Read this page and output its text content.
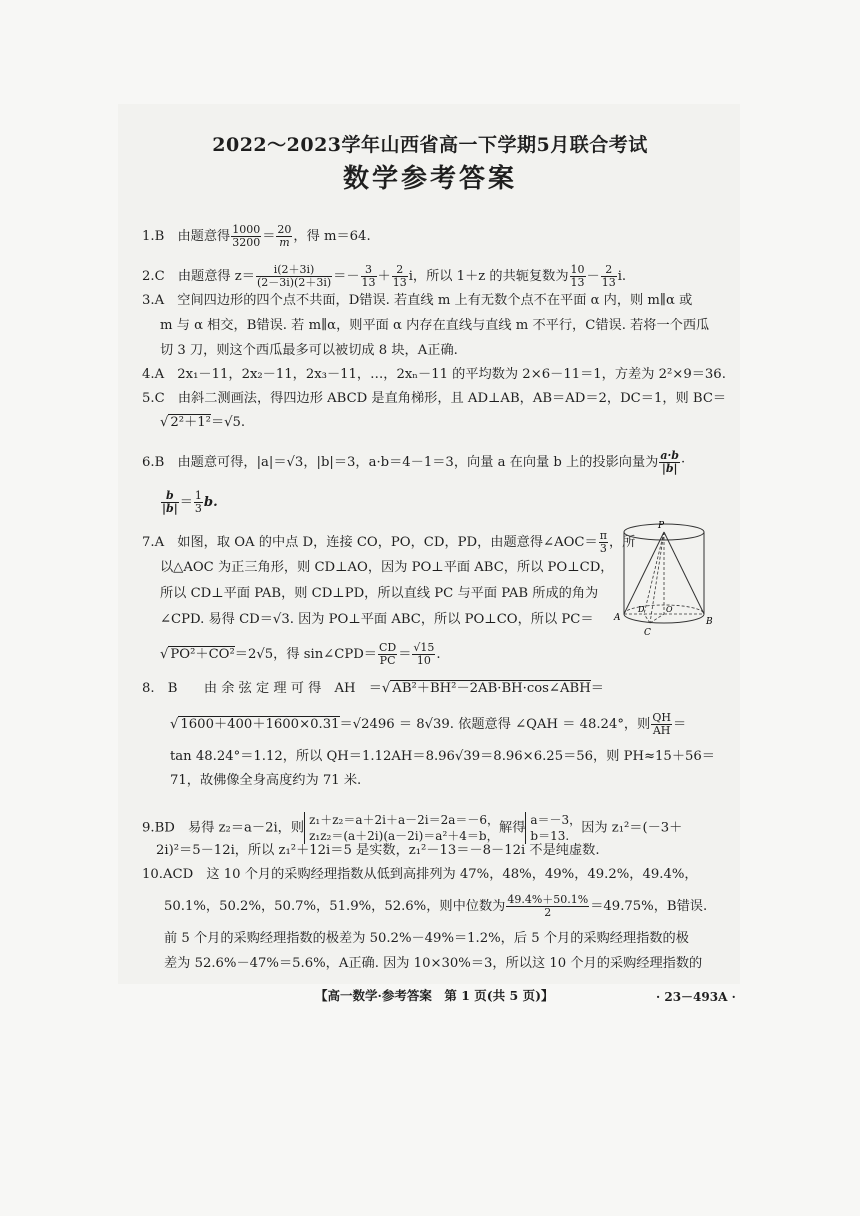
2022～2023学年山西省高一下学期5月联合考试
数学参考答案
1.B　由题意得 $\frac{1000}{3200} = \frac{20}{m}$ ，得 m＝64.
2.C　由题意得 $z= \frac{i(2+3i)}{(2-3i)(2+3i)} =- \frac{3}{13} + \frac{2}{13}$ i，所以 1＋z 的共轭复数为 $\frac{10}{13} - \frac{2}{13} i$.
3.A　空间四边形的四个点不共面，D错误. 若直线 m 上有无数个点不在平面 α 内，则 m∥α 或
m 与 α 相交，B错误. 若 m∥α，则平面 α 内存在直线与直线 m 不平行，C错误. 若将一个西瓜
切 3 刀，则这个西瓜最多可以被切成 8 块，A正确.
4.A　2x₁－11，2x₂－11，2x₃－11，…，2xₙ－11 的平均数为 2×6－11＝1，方差为 2²×9＝36.
5.C　由斜二测画法，得四边形 ABCD 是直角梯形，且 AD⊥AB，AB＝AD＝2，DC＝1，则 BC＝
√ 2²＋1²＝√5.
6.B　由题意可得，|a|＝√3，|b|＝3，a·b＝4－1＝3，向量 a 在向量 b 上的投影向量为 $\frac{a\cdot b}{|b|}$ ·
$\frac{b}{|b|} = \frac{1}{3} b$.
7.A　如图，取 OA 的中点 D，连接 CO，PO，CD，PD，由题意得∠AOC＝ $\frac{\pi}{3}$ ，所
以△AOC 为正三角形，则 CD⊥AO，因为 PO⊥平面 ABC，所以 PO⊥CD，
所以 CD⊥平面 PAB，则 CD⊥PD，所以直线 PC 与平面 PAB 所成的角为
∠CPD. 易得 CD＝√3. 因为 PO⊥平面 ABC，所以 PO⊥CO，所以 PC＝
√ PO²＋CO²＝2√5，得 sin∠CPD＝ $\frac{CD}{PC} = \frac{√15}{10}$ .
P
A	B
C
D	O
8.　B　　由 余 弦 定 理 可 得　AH　＝√ AB²＋BH²－2AB·BH·cos∠ABH＝
√ 1600＋400＋1600×0.31＝√2496 ＝ 8√39. 依题意得 ∠QAH ＝ 48.24°，则 $\frac{QH}{AH}$ ＝
tan 48.24°＝1.12，所以 QH＝1.12AH＝8.96√39＝8.96×6.25＝56，则 PH≈15＋56＝
71，故佛像全身高度约为 71 米.
9.BD　易得 z₂＝a－2i，则
z₁＋z₂＝a＋2i＋a－2i＝2a＝－6，
z₁z₂＝(a＋2i)(a－2i)＝a²＋4＝b，
解得
a＝－3，
b＝13.
因为 z₁²＝(－3＋
2i)²＝5－12i，所以 z₁²＋12i＝5 是实数，z₁²－13＝－8－12i 不是纯虚数.
10.ACD　这 10 个月的采购经理指数从低到高排列为 47%，48%，49%，49.2%，49.4%，
50.1%，50.2%，50.7%，51.9%，52.6%，则中位数为 $\frac{49.4\%+50.1\%}{2} =49.75\%$，B错误.
前 5 个月的采购经理指数的极差为 50.2%－49%＝1.2%，后 5 个月的采购经理指数的极
差为 52.6%－47%＝5.6%，A正确. 因为 10×30%＝3，所以这 10 个月的采购经理指数的
【高一数学·参考答案　第 1 页(共 5 页)】	· 23－493A ·
